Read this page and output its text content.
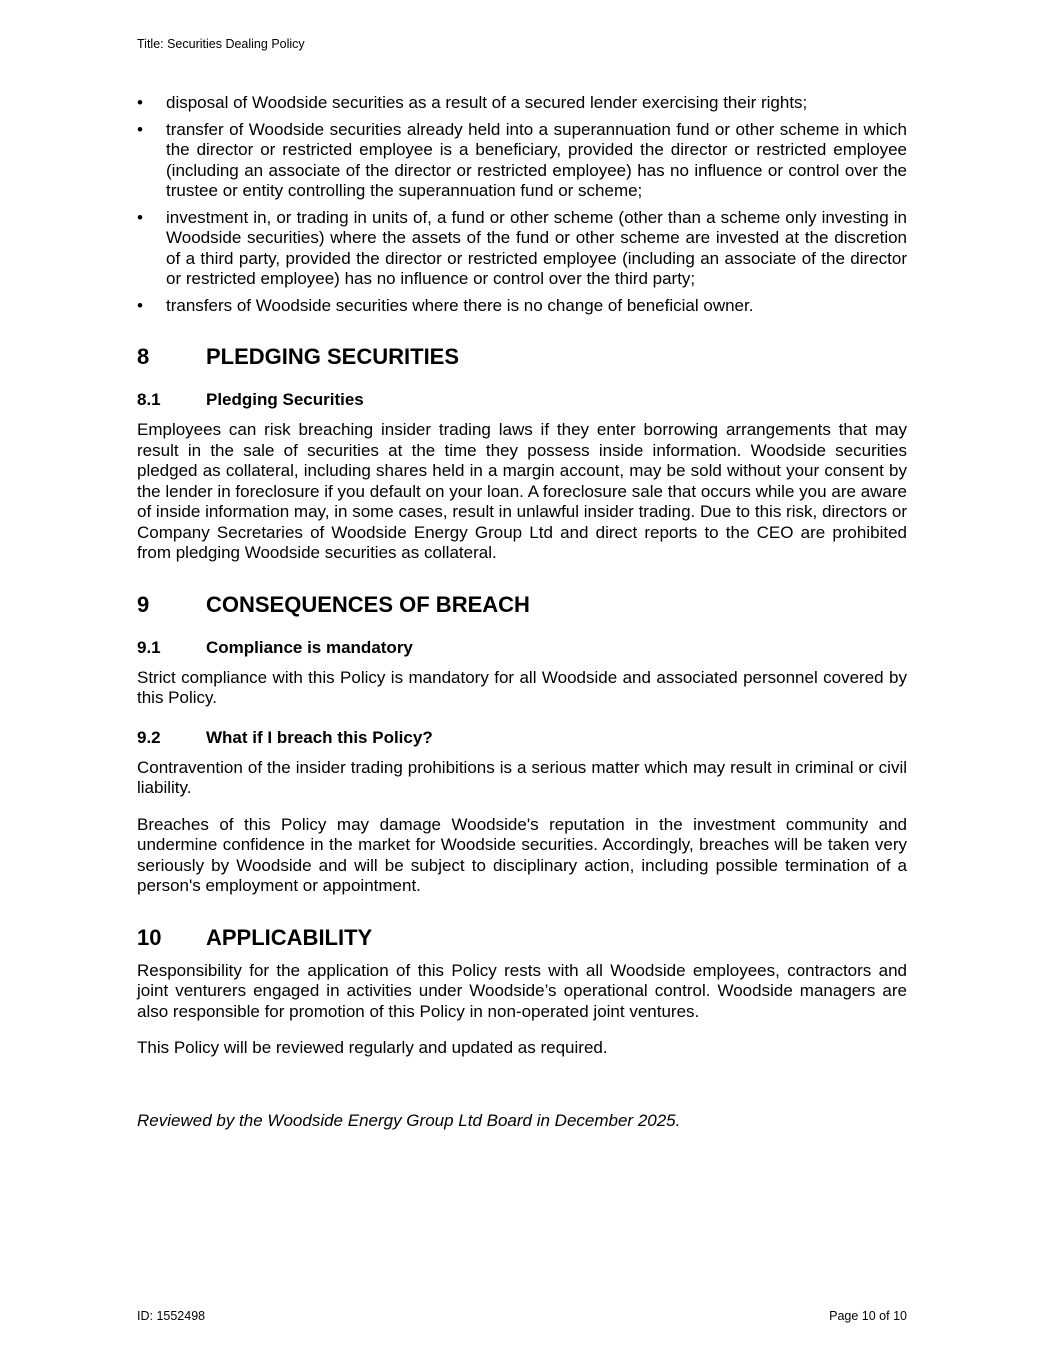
Title: Securities Dealing Policy
• disposal of Woodside securities as a result of a secured lender exercising their rights;
• transfer of Woodside securities already held into a superannuation fund or other scheme in which the director or restricted employee is a beneficiary, provided the director or restricted employee (including an associate of the director or restricted employee) has no influence or control over the trustee or entity controlling the superannuation fund or scheme;
• investment in, or trading in units of, a fund or other scheme (other than a scheme only investing in Woodside securities) where the assets of the fund or other scheme are invested at the discretion of a third party, provided the director or restricted employee (including an associate of the director or restricted employee) has no influence or control over the third party;
• transfers of Woodside securities where there is no change of beneficial owner.
8	PLEDGING SECURITIES
8.1	Pledging Securities

Employees can risk breaching insider trading laws if they enter borrowing arrangements that may result in the sale of securities at the time they possess inside information. Woodside securities pledged as collateral, including shares held in a margin account, may be sold without your consent by the lender in foreclosure if you default on your loan. A foreclosure sale that occurs while you are aware of inside information may, in some cases, result in unlawful insider trading. Due to this risk, directors or Company Secretaries of Woodside Energy Group Ltd and direct reports to the CEO are prohibited from pledging Woodside securities as collateral.

9	CONSEQUENCES OF BREACH
9.1	Compliance is mandatory

Strict compliance with this Policy is mandatory for all Woodside and associated personnel covered by this Policy.

9.2	What if I breach this Policy?

Contravention of the insider trading prohibitions is a serious matter which may result in criminal or civil liability.

Breaches of this Policy may damage Woodside's reputation in the investment community and undermine confidence in the market for Woodside securities. Accordingly, breaches will be taken very seriously by Woodside and will be subject to disciplinary action, including possible termination of a person's employment or appointment.

10	APPLICABILITY

Responsibility for the application of this Policy rests with all Woodside employees, contractors and joint venturers engaged in activities under Woodside’s operational control. Woodside managers are also responsible for promotion of this Policy in non-operated joint ventures.

This Policy will be reviewed regularly and updated as required.

Reviewed by the Woodside Energy Group Ltd Board in December 2025.

ID: 1552498	Page 10 of 10
